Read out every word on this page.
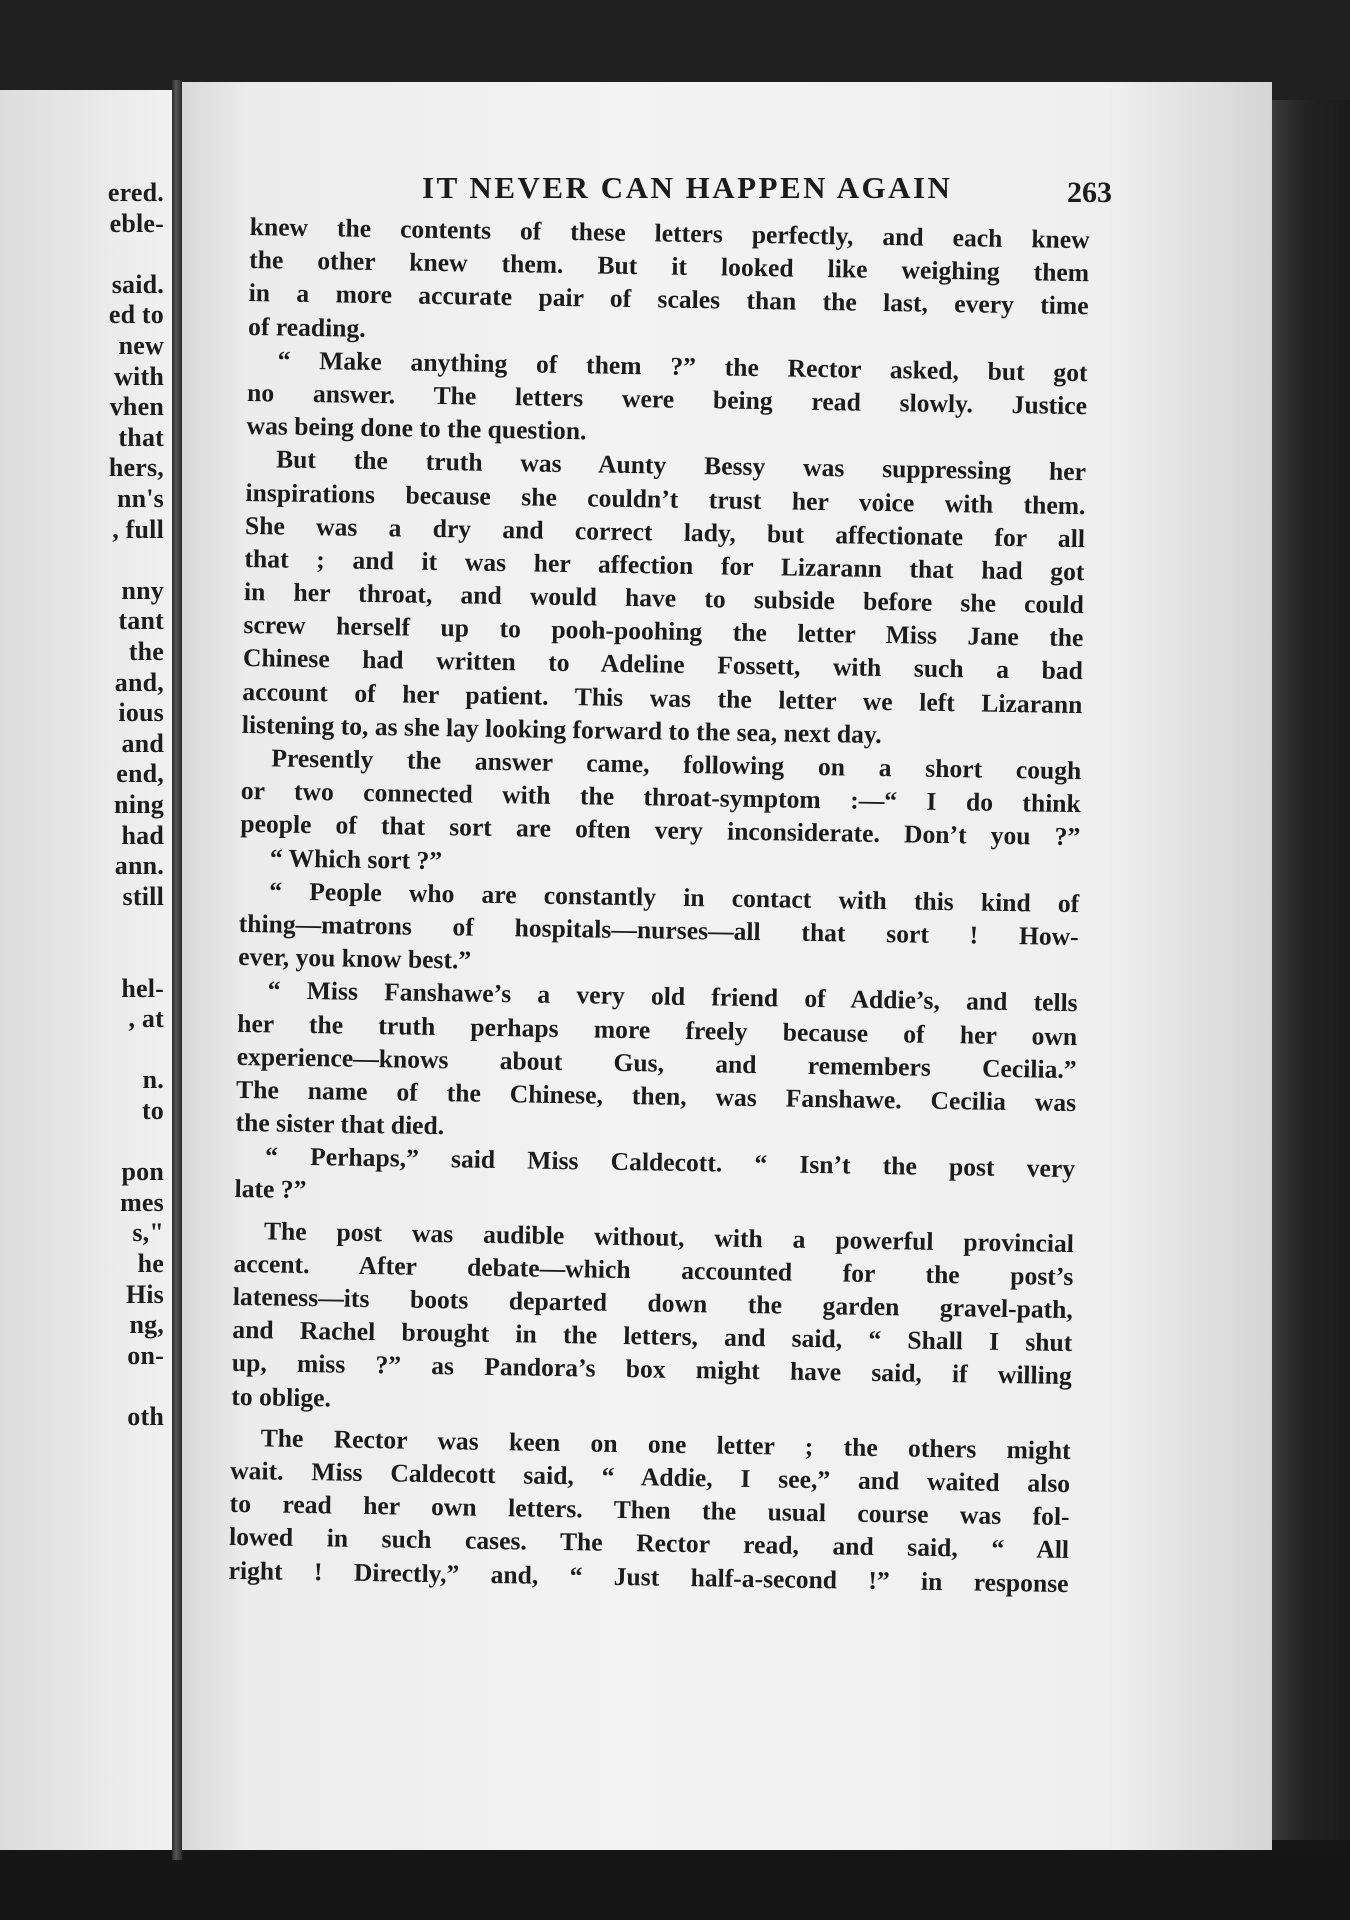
ered.
eble-
said.
ed to
new
with
vhen
that
hers,
nn's
, full
nny
tant
the
and,
ious
and
end,
ning
had
ann.
still
hel-
, at
n.
to
pon
mes
s,"
he
His
ng,
on-
oth
IT NEVER CAN HAPPEN AGAIN	263
knew the contents of these letters perfectly, and each knew
the other knew them. But it looked like weighing them
in a more accurate pair of scales than the last, every time
of reading.
“ Make anything of them ?” the Rector asked, but got
no answer. The letters were being read slowly. Justice
was being done to the question.
But the truth was Aunty Bessy was suppressing her
inspirations because she couldn’t trust her voice with them.
She was a dry and correct lady, but affectionate for all
that ; and it was her affection for Lizarann that had got
in her throat, and would have to subside before she could
screw herself up to pooh-poohing the letter Miss Jane the
Chinese had written to Adeline Fossett, with such a bad
account of her patient. This was the letter we left Lizarann
listening to, as she lay looking forward to the sea, next day.
Presently the answer came, following on a short cough
or two connected with the throat-symptom :—“ I do think
people of that sort are often very inconsiderate. Don’t you ?”
“ Which sort ?”
“ People who are constantly in contact with this kind of
thing—matrons of hospitals—nurses—all that sort ! How-
ever, you know best.”
“ Miss Fanshawe’s a very old friend of Addie’s, and tells
her the truth perhaps more freely because of her own
experience—knows about Gus, and remembers Cecilia.”
The name of the Chinese, then, was Fanshawe. Cecilia was
the sister that died.
“ Perhaps,” said Miss Caldecott. “ Isn’t the post very
late ?”
The post was audible without, with a powerful provincial
accent. After debate—which accounted for the post’s
lateness—its boots departed down the garden gravel-path,
and Rachel brought in the letters, and said, “ Shall I shut
up, miss ?” as Pandora’s box might have said, if willing
to oblige.
The Rector was keen on one letter ; the others might
wait. Miss Caldecott said, “ Addie, I see,” and waited also
to read her own letters. Then the usual course was fol-
lowed in such cases. The Rector read, and said, “ All
right ! Directly,” and, “ Just half-a-second !” in response
